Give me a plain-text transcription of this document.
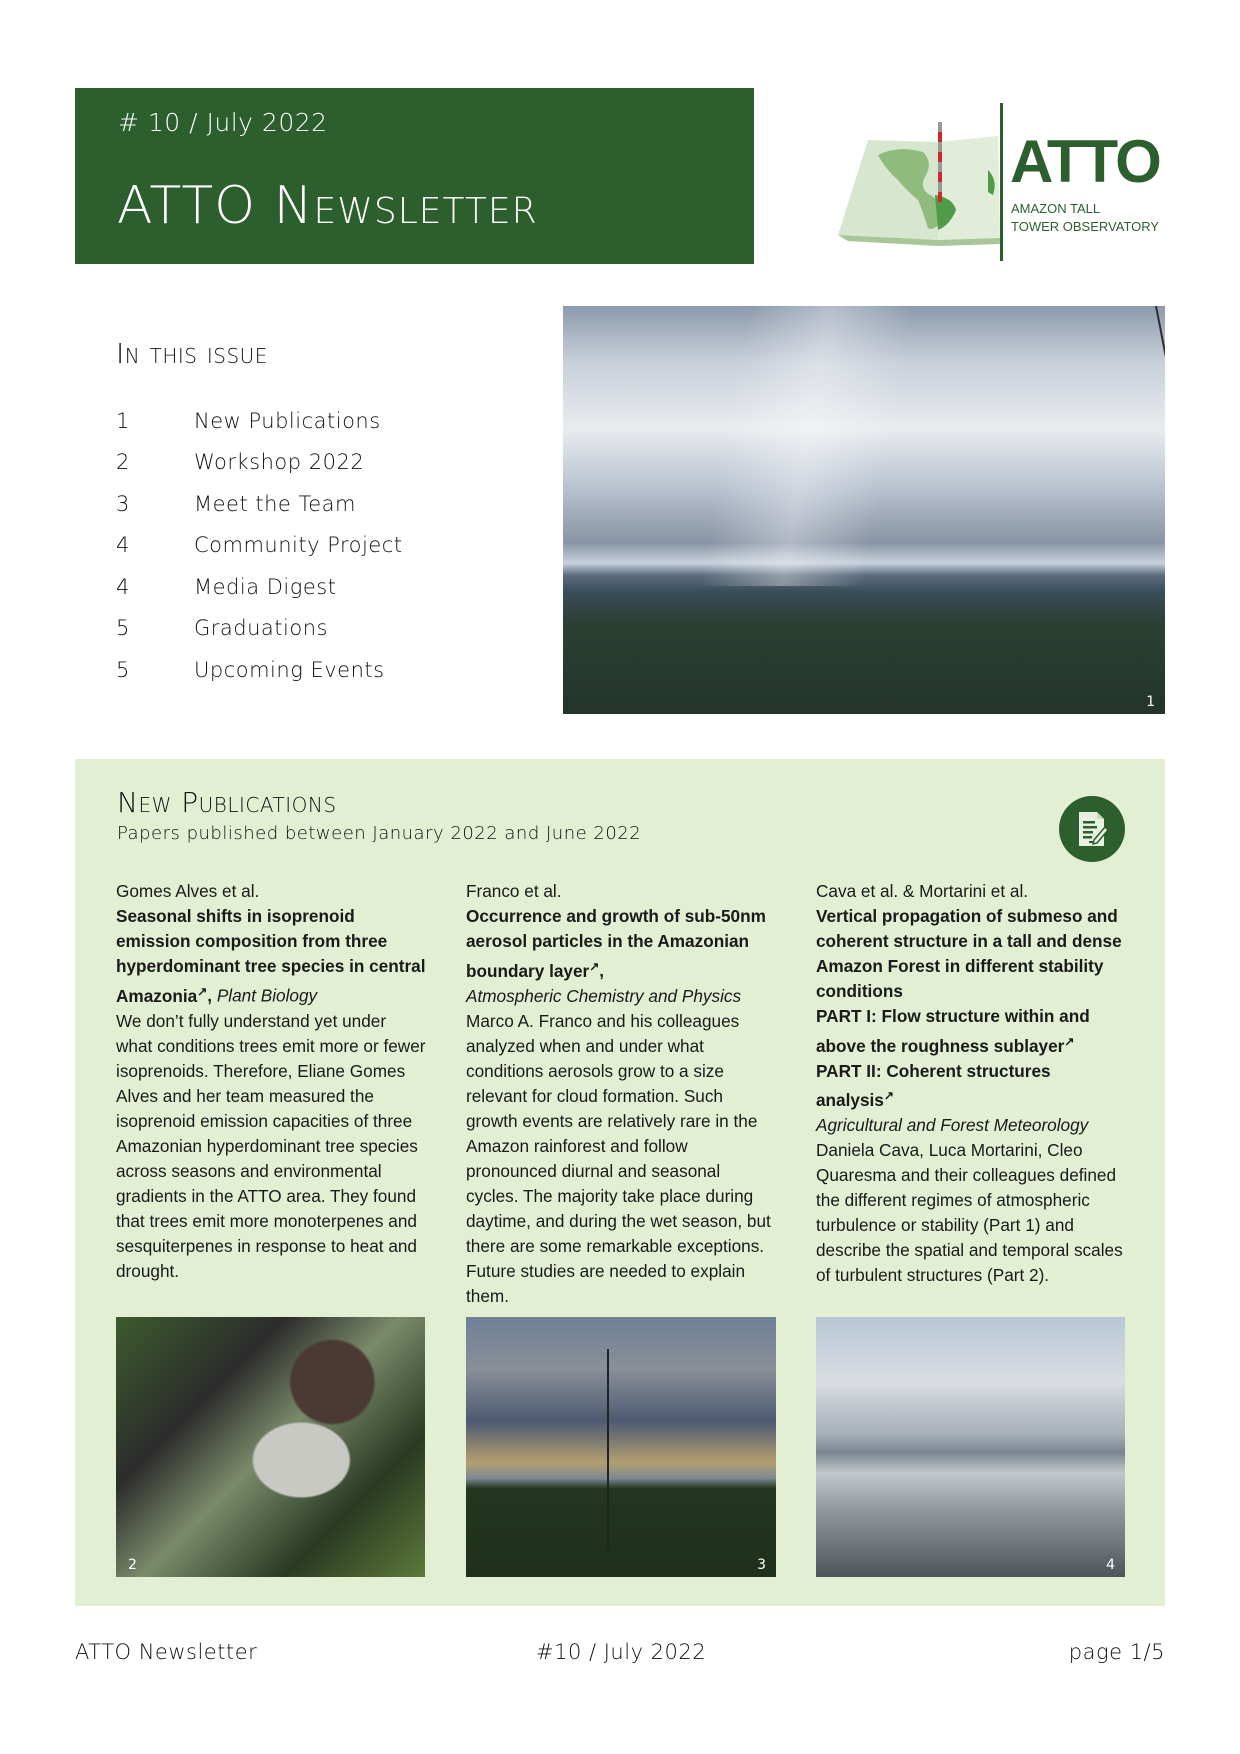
# 10 / July 2022
ATTO Newsletter
ATTO
AMAZON TALL
TOWER OBSERVATORY
In this issue
1	New Publications
2	Workshop 2022
3	Meet the Team
4	Community Project
4	Media Digest
5	Graduations
5	Upcoming Events
1
New Publications
Papers published between January 2022 and June 2022

Gomes Alves et al.

Seasonal shifts in isoprenoid emission composition from three hyperdominant tree species in central Amazonia↗, Plant Biology

We don’t fully understand yet under what conditions trees emit more or fewer isoprenoids. Therefore, Eliane Gomes Alves and her team measured the isoprenoid emission capacities of three Amazonian hyperdominant tree species across seasons and environmental gradients in the ATTO area. They found that trees emit more monoterpenes and sesquiterpenes in response to heat and drought.

Franco et al.

Occurrence and growth of sub-50nm aerosol particles in the Amazonian boundary layer↗,

Atmospheric Chemistry and Physics

Marco A. Franco and his colleagues analyzed when and under what conditions aerosols grow to a size relevant for cloud formation. Such growth events are relatively rare in the Amazon rainforest and follow pronounced diurnal and seasonal cycles. The majority take place during daytime, and during the wet season, but there are some remarkable exceptions. Future studies are needed to explain them.

Cava et al. & Mortarini et al.

Vertical propagation of submeso and coherent structure in a tall and dense Amazon Forest in different stability conditions

PART I: Flow structure within and above the roughness sublayer↗

PART II: Coherent structures analysis↗

Agricultural and Forest Meteorology

Daniela Cava, Luca Mortarini, Cleo Quaresma and their colleagues defined the different regimes of atmospheric turbulence or stability (Part 1) and describe the spatial and temporal scales of turbulent structures (Part 2).

2	3	4
ATTO Newsletter	#10 / July 2022	page 1/5
